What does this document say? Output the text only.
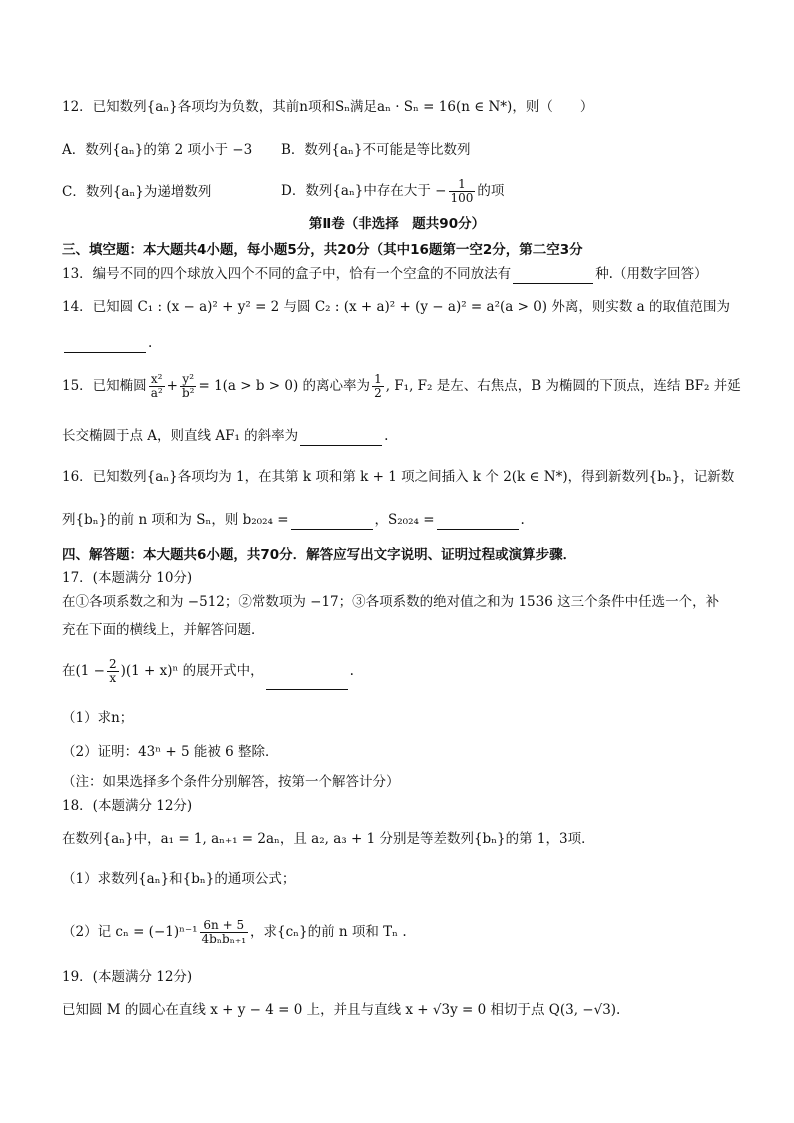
12．已知数列{aₙ}各项均为负数，其前n项和Sₙ满足aₙ · Sₙ = 16(n ∈ N*)，则（　　）
A．数列{aₙ}的第 2 项小于 −3 B．数列{aₙ}不可能是等比数列
C．数列{aₙ}为递增数列	D．数列{aₙ}中存在大于 − $\frac{1}{100}$ 的项
第Ⅱ卷（非选择　题共90分）
三、填空题：本大题共4小题，每小题5分，共20分（其中16题第一空2分，第二空3分
13．编号不同的四个球放入四个不同的盒子中，恰有一个空盒的不同放法有	种.（用数字回答）
14．已知圆 C₁ : (x − a)² + y² = 2 与圆 C₂ : (x + a)² + (y − a)² = a²(a > 0) 外离，则实数 a 的取值范围为
.
15．已知椭圆 $\frac{\text{x²}}{\text{a²}} + \frac{\text{y²}}{\text{b²}} = 1(a > b > 0)$ 的离心率为 $\frac{1}{2}$ , F₁, F₂ 是左、右焦点，B 为椭圆的下顶点，连结 BF₂ 并延
长交椭圆于点 A，则直线 AF₁ 的斜率为	.
16．已知数列{aₙ}各项均为 1，在其第 k 项和第 k + 1 项之间插入 k 个 2(k ∈ N*)，得到新数列{bₙ}，记新数
列{bₙ}的前 n 项和为 Sₙ，则 b₂₀₂₄ =	，S₂₀₂₄ =	.
四、解答题：本大题共6小题，共70分．解答应写出文字说明、证明过程或演算步骤．
17．(本题满分 10分)
在①各项系数之和为 −512；②常数项为 −17；③各项系数的绝对值之和为 1536 这三个条件中任选一个，补
充在下面的横线上，并解答问题．
在$(1 - \frac{2}{x} )(1 + x)^n$ 的展开式中，	.
（1）求n；
（2）证明：43ⁿ + 5 能被 6 整除．
（注：如果选择多个条件分别解答，按第一个解答计分）
18．(本题满分 12分)
在数列{aₙ}中，a₁ = 1, aₙ₊₁ = 2aₙ，且 a₂, a₃ + 1 分别是等差数列{bₙ}的第 1，3项．
（1）求数列{aₙ}和{bₙ}的通项公式；
（2）记 $c_n = (-1)^{n-1} \frac{6n + 5}{\text{4bₙbₙ₊₁}}$ ，求{cₙ}的前 n 项和 Tₙ .
19．(本题满分 12分)
已知圆 M 的圆心在直线 x + y − 4 = 0 上，并且与直线 x + √3y = 0 相切于点 Q(3, −√3).
